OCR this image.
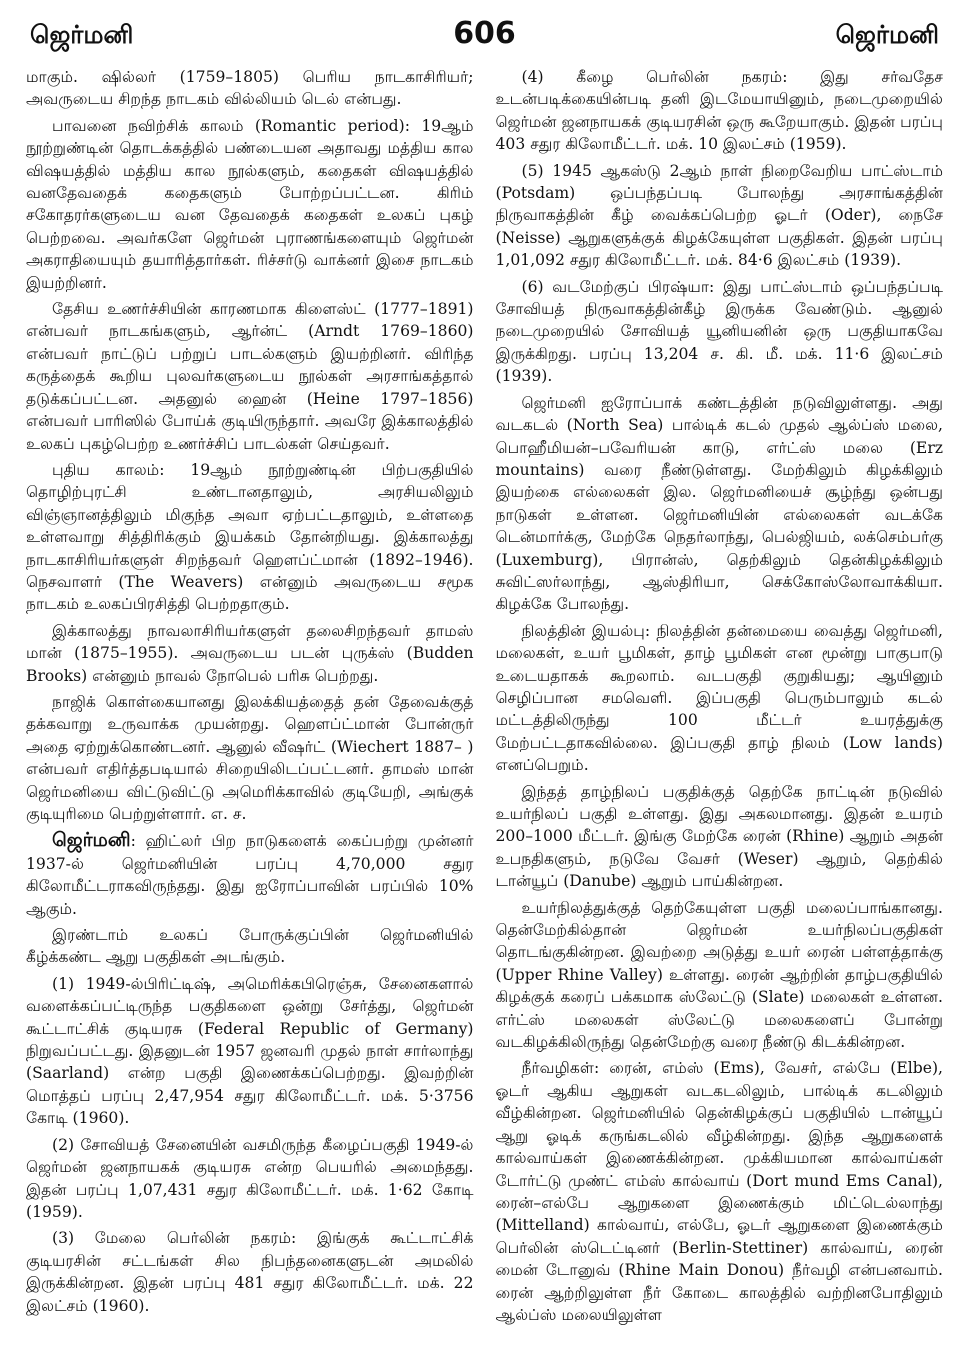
ஜெர்மனி	606	ஜெர்மனி

மாகும். ஷில்லர் (1759–1805) பெரிய நாடகாசிரியர்; அவருடைய சிறந்த நாடகம் வில்லியம் டெல் என்பது.

பாவனை நவிற்சிக் காலம் (Romantic period): 19ஆம் நூற்றுண்டின் தொடக்கத்தில் பண்டையன அதாவது மத்திய கால விஷயத்தில் மத்திய கால நூல்களும், கதைகள் விஷயத்தில் வனதேவதைக் கதைகளும் போற்றப்பட்டன. கிரிம் சகோதரர்களுடைய வன தேவதைக் கதைகள் உலகப் புகழ் பெற்றவை. அவர்களே ஜெர்மன் புராணங்களையும் ஜெர்மன் அகராதியையும் தயாரித்தார்கள். ரிச்சர்டு வாக்னர் இசை நாடகம் இயற்றினர்.

தேசிய உணர்ச்சியின் காரணமாக கிளைஸ்ட் (1777–1891) என்பவர் நாடகங்களும், ஆர்ன்ட் (Arndt 1769–1860) என்பவர் நாட்டுப் பற்றுப் பாடல்களும் இயற்றினர். விரிந்த கருத்தைக் கூறிய புலவர்களுடைய நூல்கள் அரசாங்கத்தால் தடுக்கப்பட்டன. அதனுல் ஹைன் (Heine 1797–1856) என்பவர் பாரிஸில் போய்க் குடியிருந்தார். அவரே இக்காலத்தில் உலகப் புகழ்பெற்ற உணர்ச்சிப் பாடல்கள் செய்தவர்.

புதிய காலம்: 19ஆம் நூற்றுண்டின் பிற்பகுதியில் தொழிற்புரட்சி உண்டானதாலும், அரசியலிலும் விஞ்ஞானத்திலும் மிகுந்த அவா ஏற்பட்டதாலும், உள்ளதை உள்ளவாறு சித்திரிக்கும் இயக்கம் தோன்றியது. இக்காலத்து நாடகாசிரியர்களுள் சிறந்தவர் ஹௌப்ட்மான் (1892–1946). நெசவாளர் (The Weavers) என்னும் அவருடைய சமூக நாடகம் உலகப்பிரசித்தி பெற்றதாகும்.

இக்காலத்து நாவலாசிரியர்களுள் தலைசிறந்தவர் தாமஸ் மான் (1875–1955). அவருடைய படன் புருக்ஸ் (Budden Brooks) என்னும் நாவல் நோபெல் பரிசு பெற்றது.

நாஜிக் கொள்கையானது இலக்கியத்தைத் தன் தேவைக்குத் தக்கவாறு உருவாக்க முயன்றது. ஹௌப்ட்மான் போன்ருர் அதை ஏற்றுக்கொண்டனர். ஆனுல் வீஷர்ட் (Wiechert 1887– ) என்பவர் எதிர்த்தபடியால் சிறையிலிடப்பட்டனர். தாமஸ் மான் ஜெர்மனியை விட்டுவிட்டு அமெரிக்காவில் குடியேறி, அங்குக் குடியுரிமை பெற்றுள்ளார். எ. ச.

ஜெர்மனி: ஹிட்லர் பிற நாடுகளைக் கைப்பற்று முன்னர் 1937-ல் ஜெர்மனியின் பரப்பு 4,70,000 சதுர கிலோமீட்டராகவிருந்தது. இது ஐரோப்பாவின் பரப்பில் 10% ஆகும்.

இரண்டாம் உலகப் போருக்குப்பின் ஜெர்மனியில் கீழ்க்கண்ட ஆறு பகுதிகள் அடங்கும்.

(1) 1949-ல்பிரிட்டிஷ், அமெரிக்கபிரெஞ்சு, சேனைகளால் வளைக்கப்பட்டிருந்த பகுதிகளை ஒன்று சேர்த்து, ஜெர்மன் கூட்டாட்சிக் குடியரசு (Federal Republic of Germany) நிறுவப்பட்டது. இதனுடன் 1957 ஜனவரி முதல் நாள் சார்லாந்து (Saarland) என்ற பகுதி இணைக்கப்பெற்றது. இவற்றின் மொத்தப் பரப்பு 2,47,954 சதுர கிலோமீட்டர். மக். 5·3756 கோடி (1960).

(2) சோவியத் சேனையின் வசமிருந்த கீழைப்பகுதி 1949-ல் ஜெர்மன் ஜனநாயகக் குடியரசு என்ற பெயரில் அமைந்தது. இதன் பரப்பு 1,07,431 சதுர கிலோமீட்டர். மக். 1·62 கோடி (1959).

(3) மேலை பெர்லின் நகரம்: இங்குக் கூட்டாட்சிக் குடியரசின் சட்டங்கள் சில நிபந்தனைகளுடன் அமலில் இருக்கின்றன. இதன் பரப்பு 481 சதுர கிலோமீட்டர். மக். 22 இலட்சம் (1960).

(4) கீழை பெர்லின் நகரம்: இது சர்வதேச உடன்படிக்கையின்படி தனி இடமேயாயினும், நடைமுறையில் ஜெர்மன் ஜனநாயகக் குடியரசின் ஒரு கூறேயாகும். இதன் பரப்பு 403 சதுர கிலோமீட்டர். மக். 10 இலட்சம் (1959).

(5) 1945 ஆகஸ்டு 2ஆம் நாள் நிறைவேறிய பாட்ஸ்டாம் (Potsdam) ஒப்பந்தப்படி போலந்து அரசாங்கத்தின் நிருவாகத்தின் கீழ் வைக்கப்பெற்ற ஓடர் (Oder), நைசே (Neisse) ஆறுகளுக்குக் கிழக்கேயுள்ள பகுதிகள். இதன் பரப்பு 1,01,092 சதுர கிலோமீட்டர். மக். 84·6 இலட்சம் (1939).

(6) வடமேற்குப் பிரஷ்யா: இது பாட்ஸ்டாம் ஒப்பந்தப்படி சோவியத் நிருவாகத்தின்கீழ் இருக்க வேண்டும். ஆனுல் நடைமுறையில் சோவியத் யூனியனின் ஒரு பகுதியாகவே இருக்கிறது. பரப்பு 13,204 ச. கி. மீ. மக். 11·6 இலட்சம் (1939).

ஜெர்மனி ஐரோப்பாக் கண்டத்தின் நடுவிலுள்ளது. அது வடகடல் (North Sea) பால்டிக் கடல் முதல் ஆல்ப்ஸ் மலை, பொஹீமியன்–பவேரியன் காடு, எர்ட்ஸ் மலை (Erz mountains) வரை நீண்டுள்ளது. மேற்கிலும் கிழக்கிலும் இயற்கை எல்லைகள் இல. ஜெர்மனியைச் சூழ்ந்து ஒன்பது நாடுகள் உள்ளன. ஜெர்மனியின் எல்லைகள் வடக்கே டென்மார்க்கு, மேற்கே நெதர்லாந்து, பெல்ஜியம், லக்செம்பர்கு (Luxemburg), பிரான்ஸ், தெற்கிலும் தென்கிழக்கிலும் சுவிட்ஸர்லாந்து, ஆஸ்திரியா, செக்கோஸ்லோவாக்கியா. கிழக்கே போலந்து.

நிலத்தின் இயல்பு: நிலத்தின் தன்மையை வைத்து ஜெர்மனி, மலைகள், உயர் பூமிகள், தாழ் பூமிகள் என மூன்று பாகுபாடு உடையதாகக் கூறலாம். வடபகுதி குறுகியது; ஆயினும் செழிப்பான சமவெளி. இப்பகுதி பெரும்பாலும் கடல் மட்டத்திலிருந்து 100 மீட்டர் உயரத்துக்கு மேற்பட்டதாகவில்லை. இப்பகுதி தாழ் நிலம் (Low lands) எனப்பெறும்.

இந்தத் தாழ்நிலப் பகுதிக்குத் தெற்கே நாட்டின் நடுவில் உயர்நிலப் பகுதி உள்ளது. இது அகலமானது. இதன் உயரம் 200–1000 மீட்டர். இங்கு மேற்கே ரைன் (Rhine) ஆறும் அதன் உபநதிகளும், நடுவே வேசர் (Weser) ஆறும், தெற்கில் டான்யூப் (Danube) ஆறும் பாய்கின்றன.

உயர்நிலத்துக்குத் தெற்கேயுள்ள பகுதி மலைப்பாங்கானது. தென்மேற்கில்தான் ஜெர்மன் உயர்நிலப்பகுதிகள் தொடங்குகின்றன. இவற்றை அடுத்து உயர் ரைன் பள்ளத்தாக்கு (Upper Rhine Valley) உள்ளது. ரைன் ஆற்றின் தாழ்பகுதியில் கிழக்குக் கரைப் பக்கமாக ஸ்லேட்டு (Slate) மலைகள் உள்ளன. எர்ட்ஸ் மலைகள் ஸ்லேட்டு மலைகளைப் போன்று வடகிழக்கிலிருந்து தென்மேற்கு வரை நீண்டு கிடக்கின்றன.

நீர்வழிகள்: ரைன், எம்ஸ் (Ems), வேசர், எல்பே (Elbe), ஓடர் ஆகிய ஆறுகள் வடகடலிலும், பால்டிக் கடலிலும் வீழ்கின்றன. ஜெர்மனியில் தென்கிழக்குப் பகுதியில் டான்யூப் ஆறு ஓடிக் கருங்கடலில் வீழ்கின்றது. இந்த ஆறுகளைக் கால்வாய்கள் இணைக்கின்றன. முக்கியமான கால்வாய்கள் டோர்ட்டு முண்ட் எம்ஸ் கால்வாய் (Dort mund Ems Canal), ரைன்–எல்பே ஆறுகளை இணைக்கும் மிட்டெல்லாந்து (Mittelland) கால்வாய், எல்பே, ஓடர் ஆறுகளை இணைக்கும் பெர்லின் ஸ்டெட்டினர் (Berlin-Stettiner) கால்வாய், ரைன் மைன் டோனுவ் (Rhine Main Donou) நீர்வழி என்பனவாம். ரைன் ஆற்றிலுள்ள நீர் கோடை காலத்தில் வற்றினபோதிலும் ஆல்ப்ஸ் மலையிலுள்ள
